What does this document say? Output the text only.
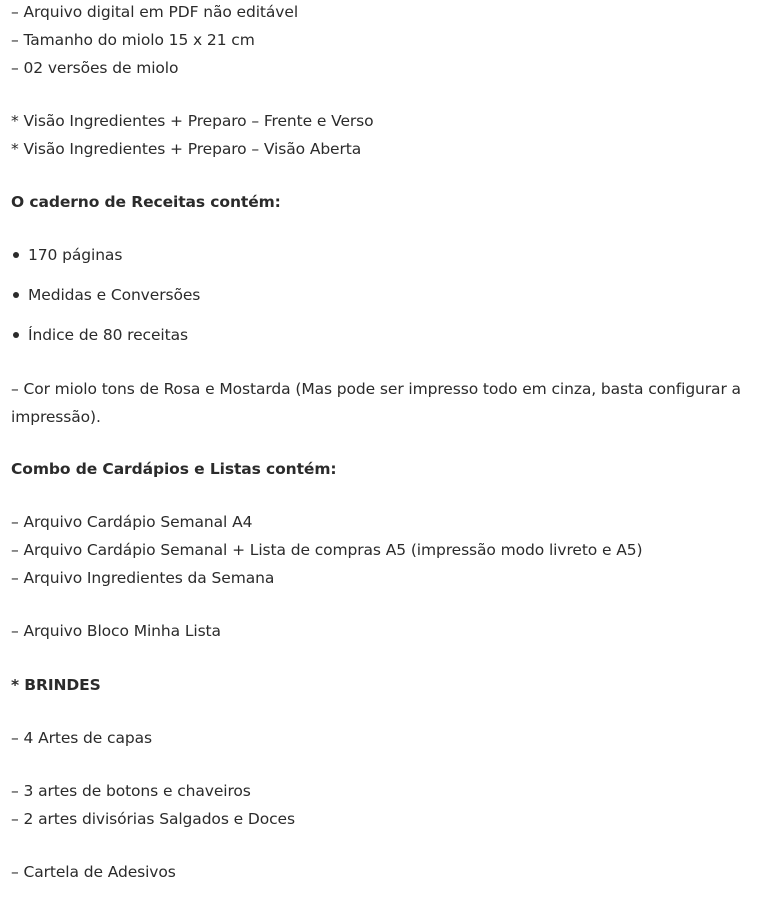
– Arquivo digital em PDF não editável
– Tamanho do miolo 15 x 21 cm
– 02 versões de miolo
* Visão Ingredientes + Preparo – Frente e Verso
* Visão Ingredientes + Preparo – Visão Aberta
O caderno de Receitas contém:
170 páginas
Medidas e Conversões
Índice de 80 receitas
– Cor miolo tons de Rosa e Mostarda (Mas pode ser impresso todo em cinza, basta configurar a impressão).
Combo de Cardápios e Listas contém:
– Arquivo Cardápio Semanal A4
– Arquivo Cardápio Semanal + Lista de compras A5 (impressão modo livreto e A5)
– Arquivo Ingredientes da Semana
– Arquivo Bloco Minha Lista
* BRINDES
– 4 Artes de capas
– 3 artes de botons e chaveiros
– 2 artes divisórias Salgados e Doces
– Cartela de Adesivos
